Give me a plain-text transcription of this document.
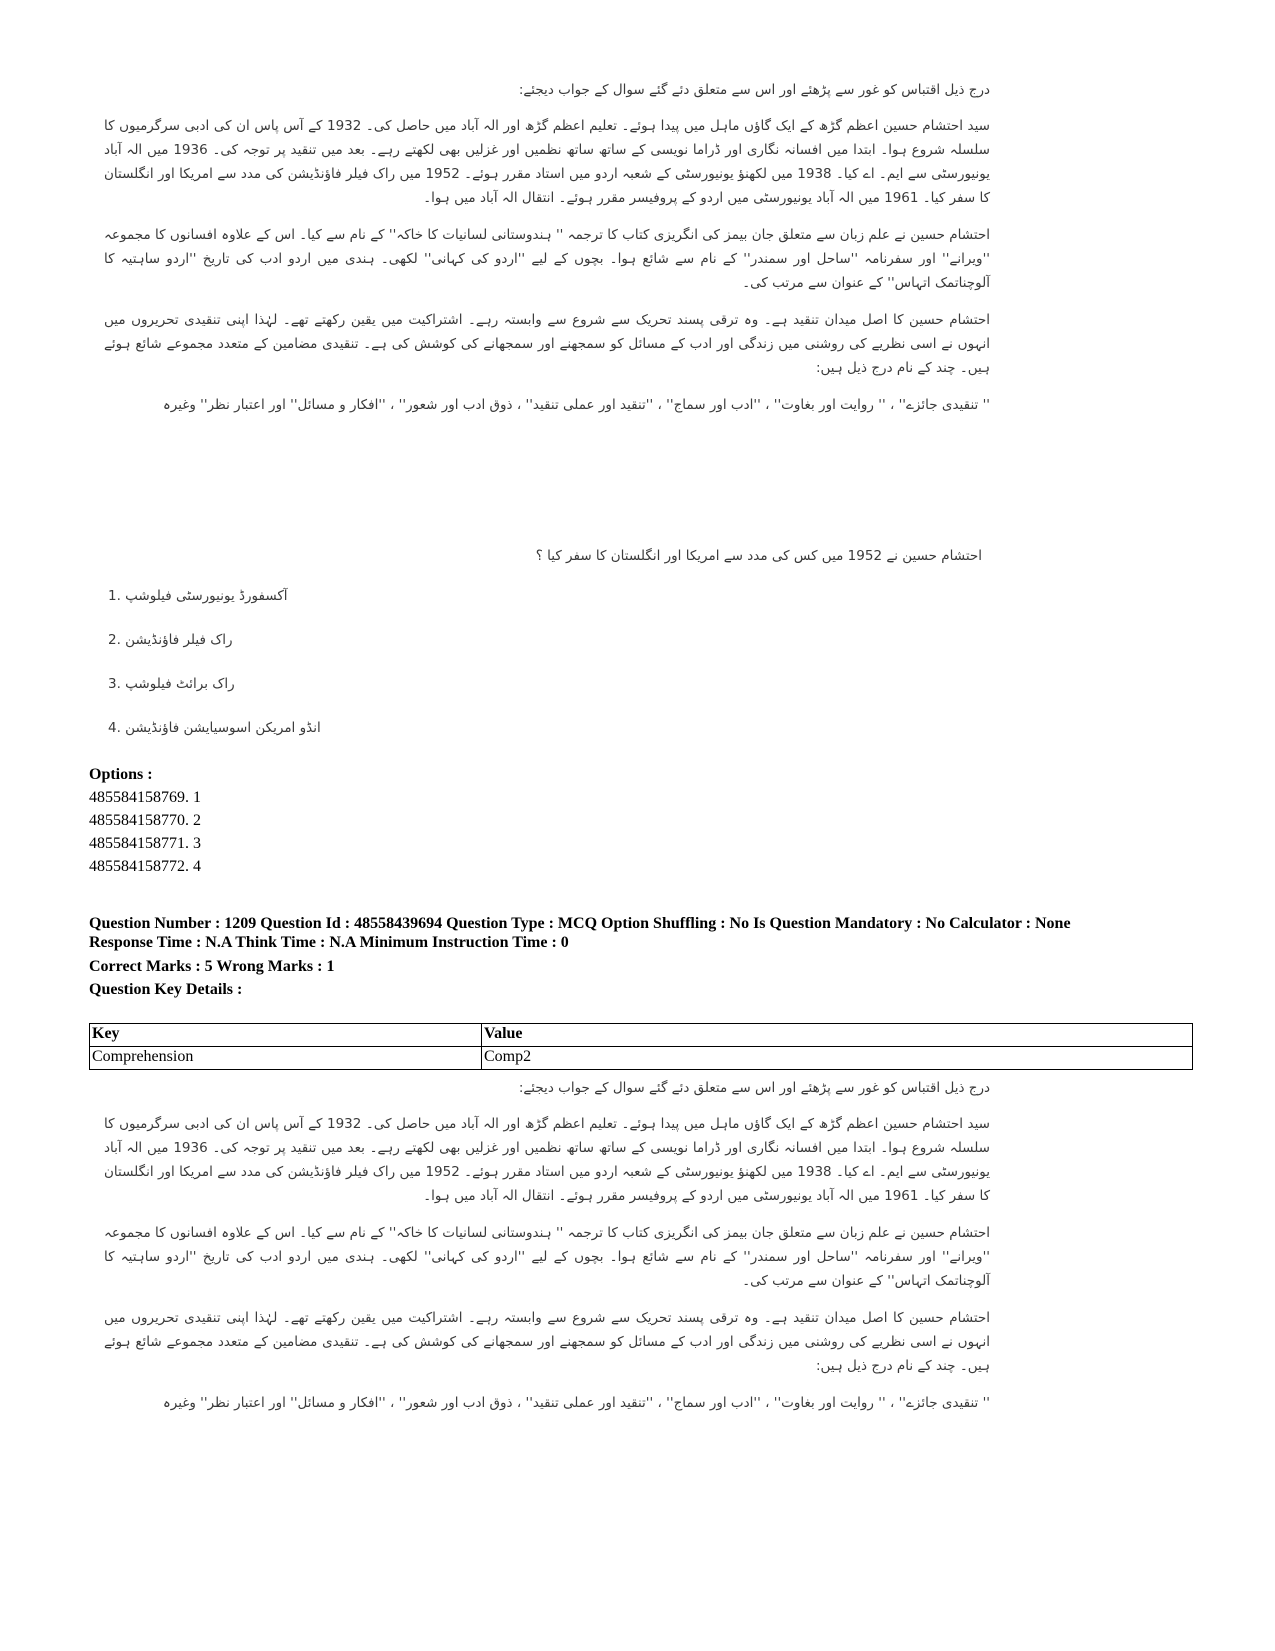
درج ذیل اقتباس کو غور سے پڑھئے اور اس سے متعلق دئے گئے سوال کے جواب دیجئے:

سید احتشام حسین اعظم گڑھ کے ایک گاؤں ماہل میں پیدا ہوئے۔ تعلیم اعظم گڑھ اور الہ آباد میں حاصل کی۔ 1932 کے آس پاس ان کی ادبی سرگرمیوں کا سلسلہ شروع ہوا۔ ابتدا میں افسانہ نگاری اور ڈراما نویسی کے ساتھ ساتھ نظمیں اور غزلیں بھی لکھتے رہے۔ بعد میں تنقید پر توجہ کی۔ 1936 میں الہ آباد یونیورسٹی سے ایم۔ اے کیا۔ 1938 میں لکھنؤ یونیورسٹی کے شعبہ اردو میں استاد مقرر ہوئے۔ 1952 میں راک فیلر فاؤنڈیشن کی مدد سے امریکا اور انگلستان کا سفر کیا۔ 1961 میں الہ آباد یونیورسٹی میں اردو کے پروفیسر مقرر ہوئے۔ انتقال الہ آباد میں ہوا۔

احتشام حسین نے علم زبان سے متعلق جان بیمز کی انگریزی کتاب کا ترجمہ '' ہندوستانی لسانیات کا خاکہ'' کے نام سے کیا۔ اس کے علاوہ افسانوں کا مجموعہ ''ویرانے'' اور سفرنامہ ''ساحل اور سمندر'' کے نام سے شائع ہوا۔ بچوں کے لیے ''اردو کی کہانی'' لکھی۔ ہندی میں اردو ادب کی تاریخ ''اردو ساہتیہ کا آلوچناتمک اتہاس'' کے عنوان سے مرتب کی۔

احتشام حسین کا اصل میدان تنقید ہے۔ وہ ترقی پسند تحریک سے شروع سے وابستہ رہے۔ اشتراکیت میں یقین رکھتے تھے۔ لہٰذا اپنی تنقیدی تحریروں میں انہوں نے اسی نظریے کی روشنی میں زندگی اور ادب کے مسائل کو سمجھنے اور سمجھانے کی کوشش کی ہے۔ تنقیدی مضامین کے متعدد مجموعے شائع ہوئے ہیں۔ چند کے نام درج ذیل ہیں:

'' تنقیدی جائزے'' ، '' روایت اور بغاوت'' ، ''ادب اور سماج'' ، ''تنقید اور عملی تنقید'' ، ذوق ادب اور شعور'' ، ''افکار و مسائل'' اور اعتبار نظر'' وغیرہ

احتشام حسین نے 1952 میں کس کی مدد سے امریکا اور انگلستان کا سفر کیا ؟
آکسفورڈ یونیورسٹی فیلوشپ .1
راک فیلر فاؤنڈیشن .2
راک برائٹ فیلوشپ .3
انڈو امریکن اسوسیایشن فاؤنڈیشن .4
Options :
485584158769. 1
485584158770. 2
485584158771. 3
485584158772. 4
Question Number : 1209 Question Id : 48558439694 Question Type : MCQ Option Shuffling : No Is Question Mandatory : No Calculator : None
Response Time : N.A Think Time : N.A Minimum Instruction Time : 0
Correct Marks : 5 Wrong Marks : 1
Question Key Details :
Key	Value
Comprehension	Comp2

درج ذیل اقتباس کو غور سے پڑھئے اور اس سے متعلق دئے گئے سوال کے جواب دیجئے:

سید احتشام حسین اعظم گڑھ کے ایک گاؤں ماہل میں پیدا ہوئے۔ تعلیم اعظم گڑھ اور الہ آباد میں حاصل کی۔ 1932 کے آس پاس ان کی ادبی سرگرمیوں کا سلسلہ شروع ہوا۔ ابتدا میں افسانہ نگاری اور ڈراما نویسی کے ساتھ ساتھ نظمیں اور غزلیں بھی لکھتے رہے۔ بعد میں تنقید پر توجہ کی۔ 1936 میں الہ آباد یونیورسٹی سے ایم۔ اے کیا۔ 1938 میں لکھنؤ یونیورسٹی کے شعبہ اردو میں استاد مقرر ہوئے۔ 1952 میں راک فیلر فاؤنڈیشن کی مدد سے امریکا اور انگلستان کا سفر کیا۔ 1961 میں الہ آباد یونیورسٹی میں اردو کے پروفیسر مقرر ہوئے۔ انتقال الہ آباد میں ہوا۔

احتشام حسین نے علم زبان سے متعلق جان بیمز کی انگریزی کتاب کا ترجمہ '' ہندوستانی لسانیات کا خاکہ'' کے نام سے کیا۔ اس کے علاوہ افسانوں کا مجموعہ ''ویرانے'' اور سفرنامہ ''ساحل اور سمندر'' کے نام سے شائع ہوا۔ بچوں کے لیے ''اردو کی کہانی'' لکھی۔ ہندی میں اردو ادب کی تاریخ ''اردو ساہتیہ کا آلوچناتمک اتہاس'' کے عنوان سے مرتب کی۔

احتشام حسین کا اصل میدان تنقید ہے۔ وہ ترقی پسند تحریک سے شروع سے وابستہ رہے۔ اشتراکیت میں یقین رکھتے تھے۔ لہٰذا اپنی تنقیدی تحریروں میں انہوں نے اسی نظریے کی روشنی میں زندگی اور ادب کے مسائل کو سمجھنے اور سمجھانے کی کوشش کی ہے۔ تنقیدی مضامین کے متعدد مجموعے شائع ہوئے ہیں۔ چند کے نام درج ذیل ہیں:

'' تنقیدی جائزے'' ، '' روایت اور بغاوت'' ، ''ادب اور سماج'' ، ''تنقید اور عملی تنقید'' ، ذوق ادب اور شعور'' ، ''افکار و مسائل'' اور اعتبار نظر'' وغیرہ
